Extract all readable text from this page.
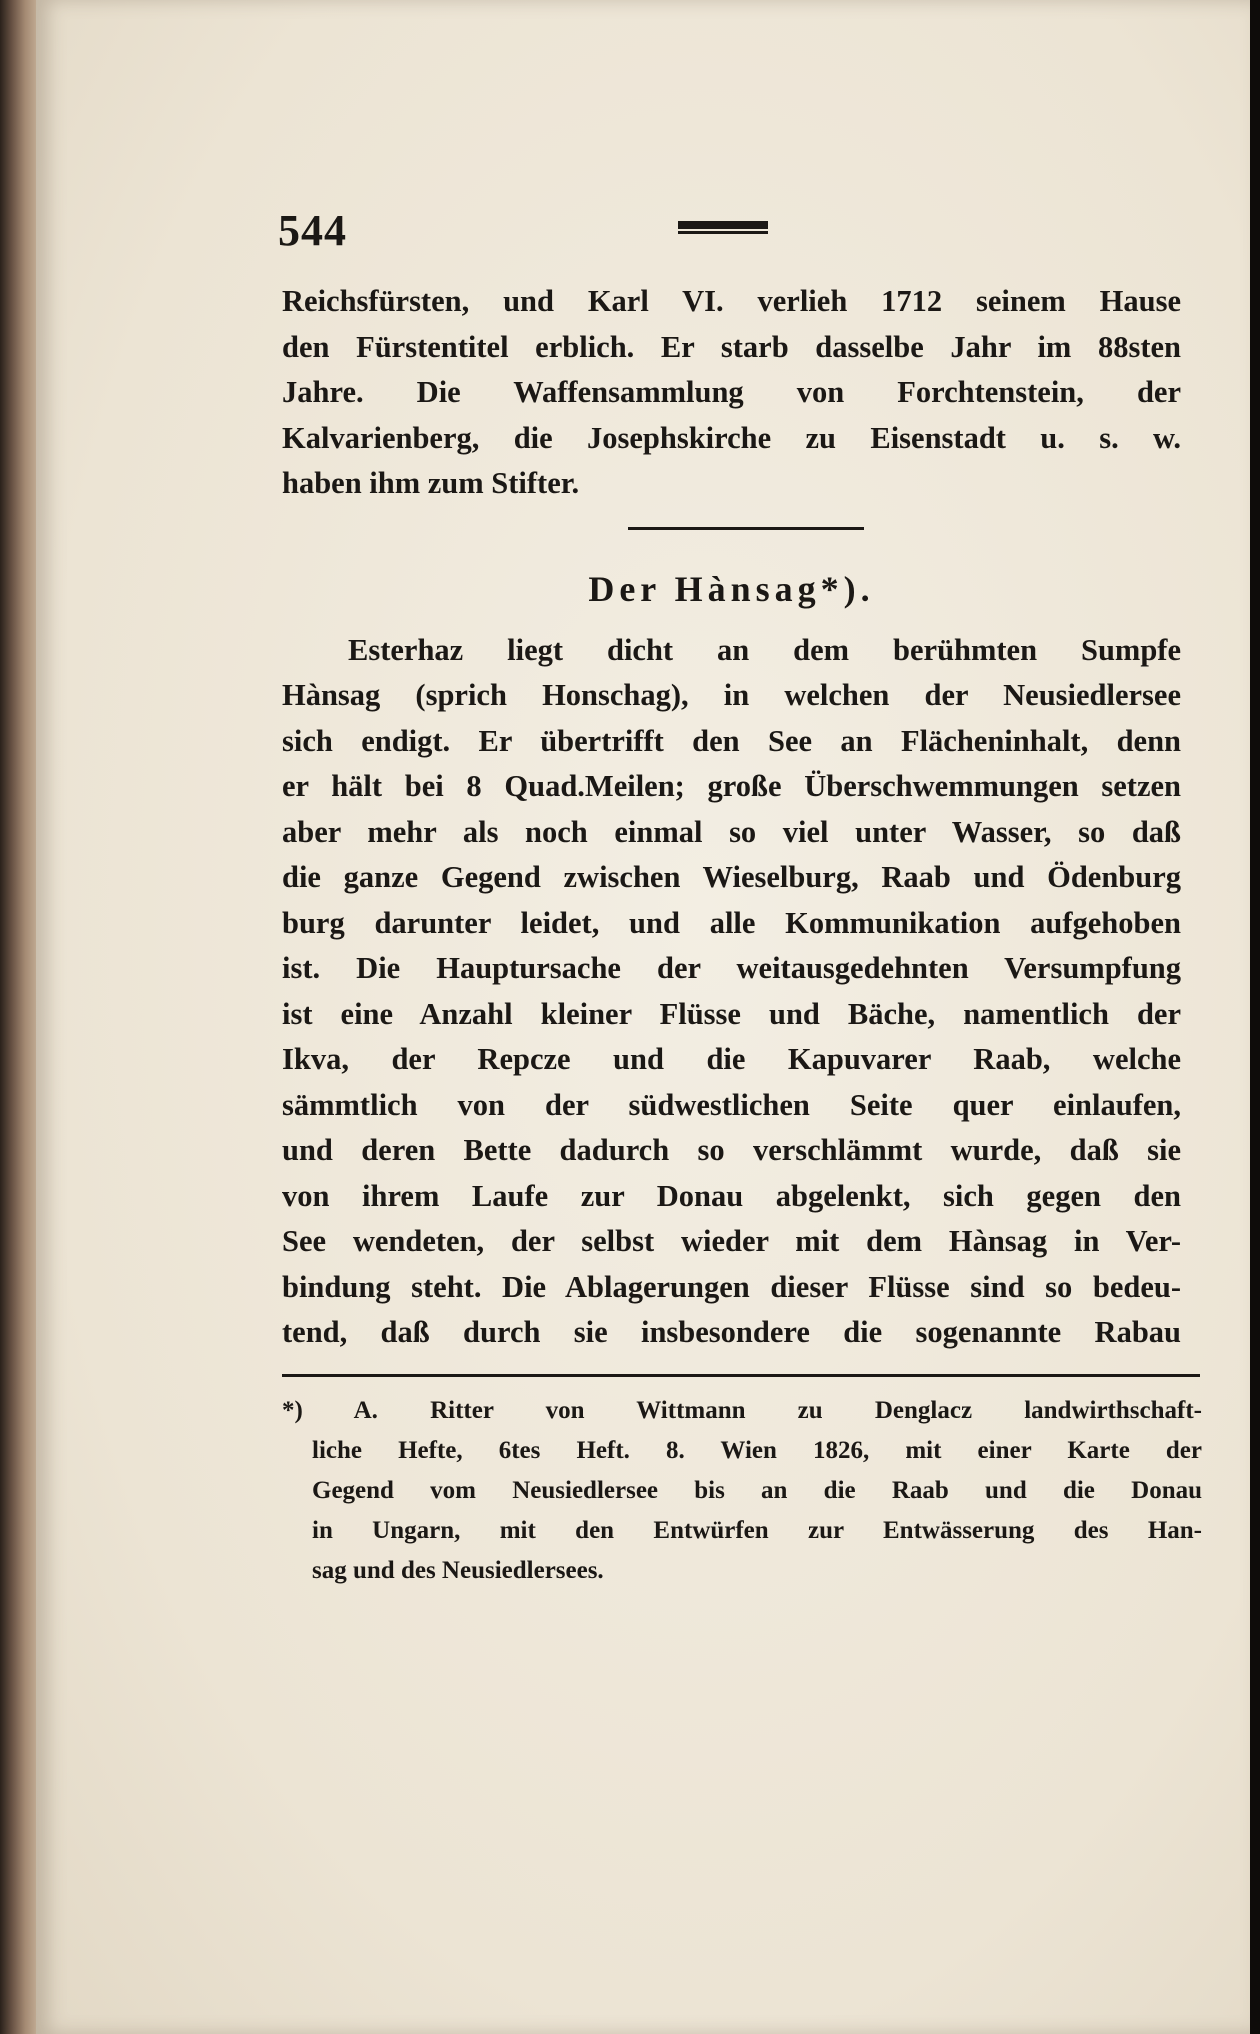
544
Reichsfürsten, und Karl VI. verlieh 1712 seinem Hause
den Fürstentitel erblich. Er starb dasselbe Jahr im 88sten
Jahre. Die Waffensammlung von Forchtenstein, der
Kalvarienberg, die Josephskirche zu Eisenstadt u. s. w.
haben ihm zum Stifter.
Der Hànsag*).
Esterhaz liegt dicht an dem berühmten Sumpfe
Hànsag (sprich Honschag), in welchen der Neusiedlersee
sich endigt. Er übertrifft den See an Flächeninhalt, denn
er hält bei 8 Quad.Meilen; große Überschwemmungen setzen
aber mehr als noch einmal so viel unter Wasser, so daß
die ganze Gegend zwischen Wieselburg, Raab und Ödenburg
burg darunter leidet, und alle Kommunikation aufgehoben
ist. Die Hauptursache der weitausgedehnten Versumpfung
ist eine Anzahl kleiner Flüsse und Bäche, namentlich der
Ikva, der Repcze und die Kapuvarer Raab, welche
sämmtlich von der südwestlichen Seite quer einlaufen,
und deren Bette dadurch so verschlämmt wurde, daß sie
von ihrem Laufe zur Donau abgelenkt, sich gegen den
See wendeten, der selbst wieder mit dem Hànsag in Ver-
bindung steht. Die Ablagerungen dieser Flüsse sind so bedeu-
tend, daß durch sie insbesondere die sogenannte Rabau
*) A. Ritter von Wittmann zu Denglacz landwirthschaft-
liche Hefte, 6tes Heft. 8. Wien 1826, mit einer Karte der
Gegend vom Neusiedlersee bis an die Raab und die Donau
in Ungarn, mit den Entwürfen zur Entwässerung des Han-
sag und des Neusiedlersees.
